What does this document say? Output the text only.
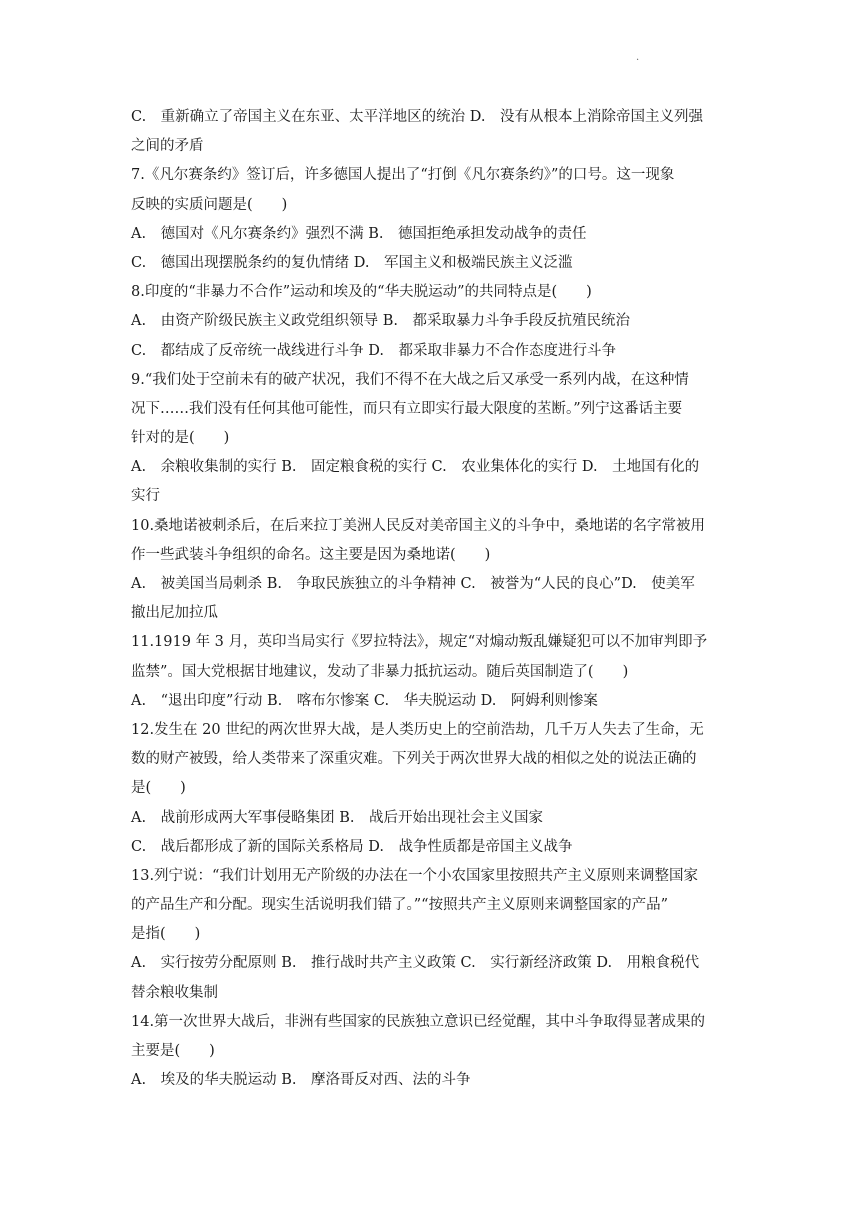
.
C.　重新确立了帝国主义在东亚、太平洋地区的统治 D.　没有从根本上消除帝国主义列强
之间的矛盾
7.《凡尔赛条约》签订后，许多德国人提出了“打倒《凡尔赛条约》”的口号。这一现象
反映的实质问题是(　　)
A.　德国对《凡尔赛条约》强烈不满 B.　德国拒绝承担发动战争的责任
C.　德国出现摆脱条约的复仇情绪 D.　军国主义和极端民族主义泛滥
8.印度的“非暴力不合作”运动和埃及的“华夫脱运动”的共同特点是(　　)
A.　由资产阶级民族主义政党组织领导 B.　都采取暴力斗争手段反抗殖民统治
C.　都结成了反帝统一战线进行斗争 D.　都采取非暴力不合作态度进行斗争
9.“我们处于空前未有的破产状况，我们不得不在大战之后又承受一系列内战，在这种情
况下……我们没有任何其他可能性，而只有立即实行最大限度的苤断。”列宁这番话主要
针对的是(　　)
A.　余粮收集制的实行 B.　固定粮食税的实行 C.　农业集体化的实行 D.　土地国有化的
实行
10.桑地诺被刺杀后，在后来拉丁美洲人民反对美帝国主义的斗争中，桑地诺的名字常被用
作一些武装斗争组织的命名。这主要是因为桑地诺(　　)
A.　被美国当局刺杀 B.　争取民族独立的斗争精神 C.　被誉为“人民的良心”D.　使美军
撤出尼加拉瓜
11.1919 年 3 月，英印当局实行《罗拉特法》，规定“对煽动叛乱嫌疑犯可以不加审判即予
监禁”。国大党根据甘地建议，发动了非暴力抵抗运动。随后英国制造了(　　)
A.　“退出印度”行动 B.　喀布尔惨案 C.　华夫脱运动 D.　阿姆利则惨案
12.发生在 20 世纪的两次世界大战，是人类历史上的空前浩劫，几千万人失去了生命，无
数的财产被毁，给人类带来了深重灾难。下列关于两次世界大战的相似之处的说法正确的
是(　　)
A.　战前形成两大军事侵略集团 B.　战后开始出现社会主义国家
C.　战后都形成了新的国际关系格局 D.　战争性质都是帝国主义战争
13.列宁说：“我们计划用无产阶级的办法在一个小农国家里按照共产主义原则来调整国家
的产品生产和分配。现实生活说明我们错了。”“按照共产主义原则来调整国家的产品”
是指(　　)
A.　实行按劳分配原则 B.　推行战时共产主义政策 C.　实行新经济政策 D.　用粮食税代
替余粮收集制
14.第一次世界大战后，非洲有些国家的民族独立意识已经觉醒，其中斗争取得显著成果的
主要是(　　)
A.　埃及的华夫脱运动 B.　摩洛哥反对西、法的斗争
